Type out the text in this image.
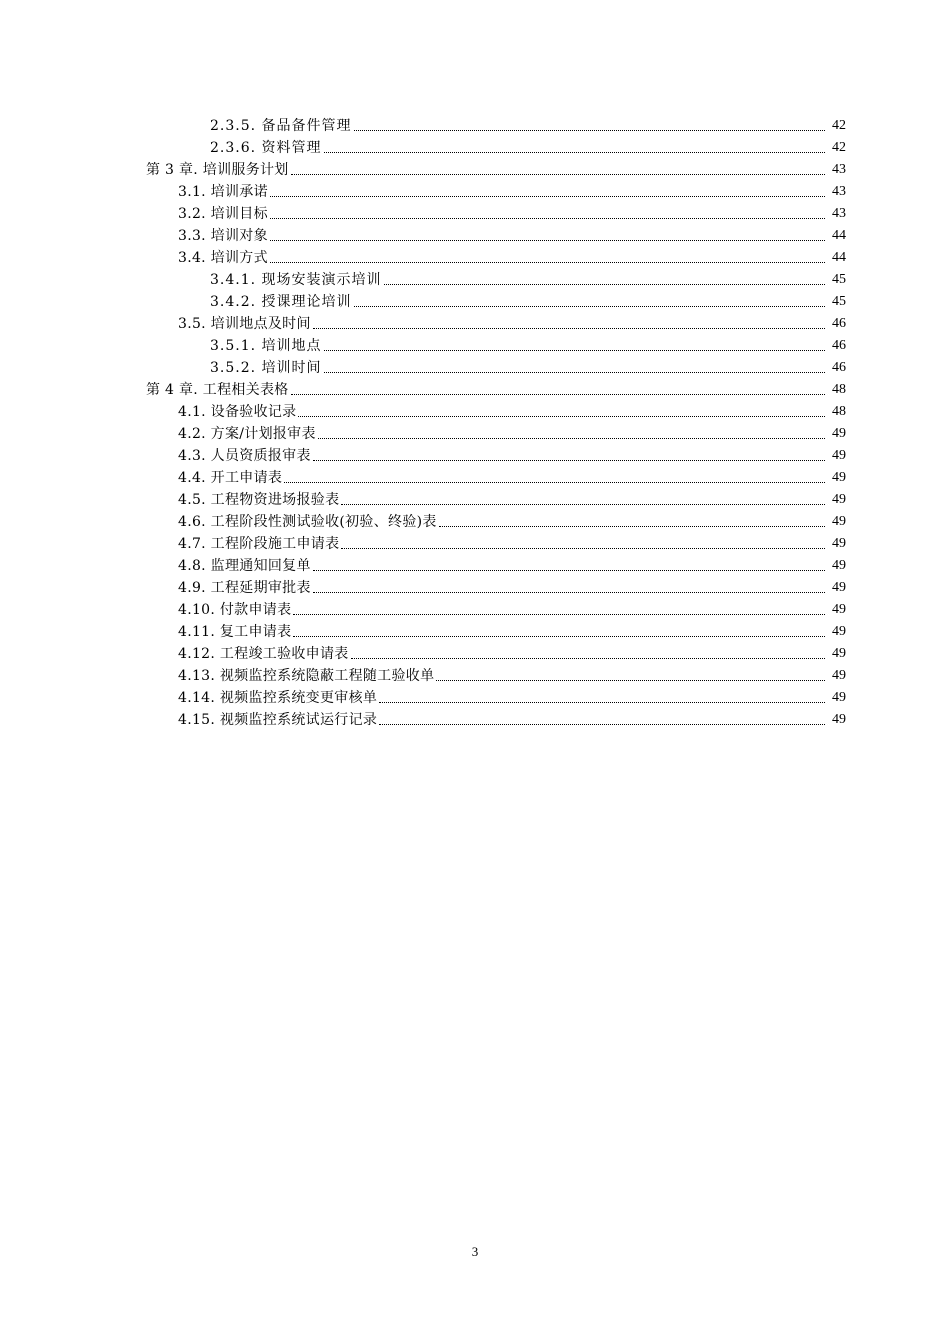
2.3.5. 备品备件管理	42
2.3.6. 资料管理	42
第 3 章. 培训服务计划	43
3.1. 培训承诺	43
3.2. 培训目标	43
3.3. 培训对象	44
3.4. 培训方式	44
3.4.1. 现场安装演示培训	45
3.4.2. 授课理论培训	45
3.5. 培训地点及时间	46
3.5.1. 培训地点	46
3.5.2. 培训时间	46
第 4 章. 工程相关表格	48
4.1. 设备验收记录	48
4.2. 方案/计划报审表	49
4.3. 人员资质报审表	49
4.4. 开工申请表	49
4.5. 工程物资进场报验表	49
4.6. 工程阶段性测试验收(初验、终验)表	49
4.7. 工程阶段施工申请表	49
4.8. 监理通知回复单	49
4.9. 工程延期审批表	49
4.10. 付款申请表	49
4.11. 复工申请表	49
4.12. 工程竣工验收申请表	49
4.13. 视频监控系统隐蔽工程随工验收单	49
4.14. 视频监控系统变更审核单	49
4.15. 视频监控系统试运行记录	49
3
